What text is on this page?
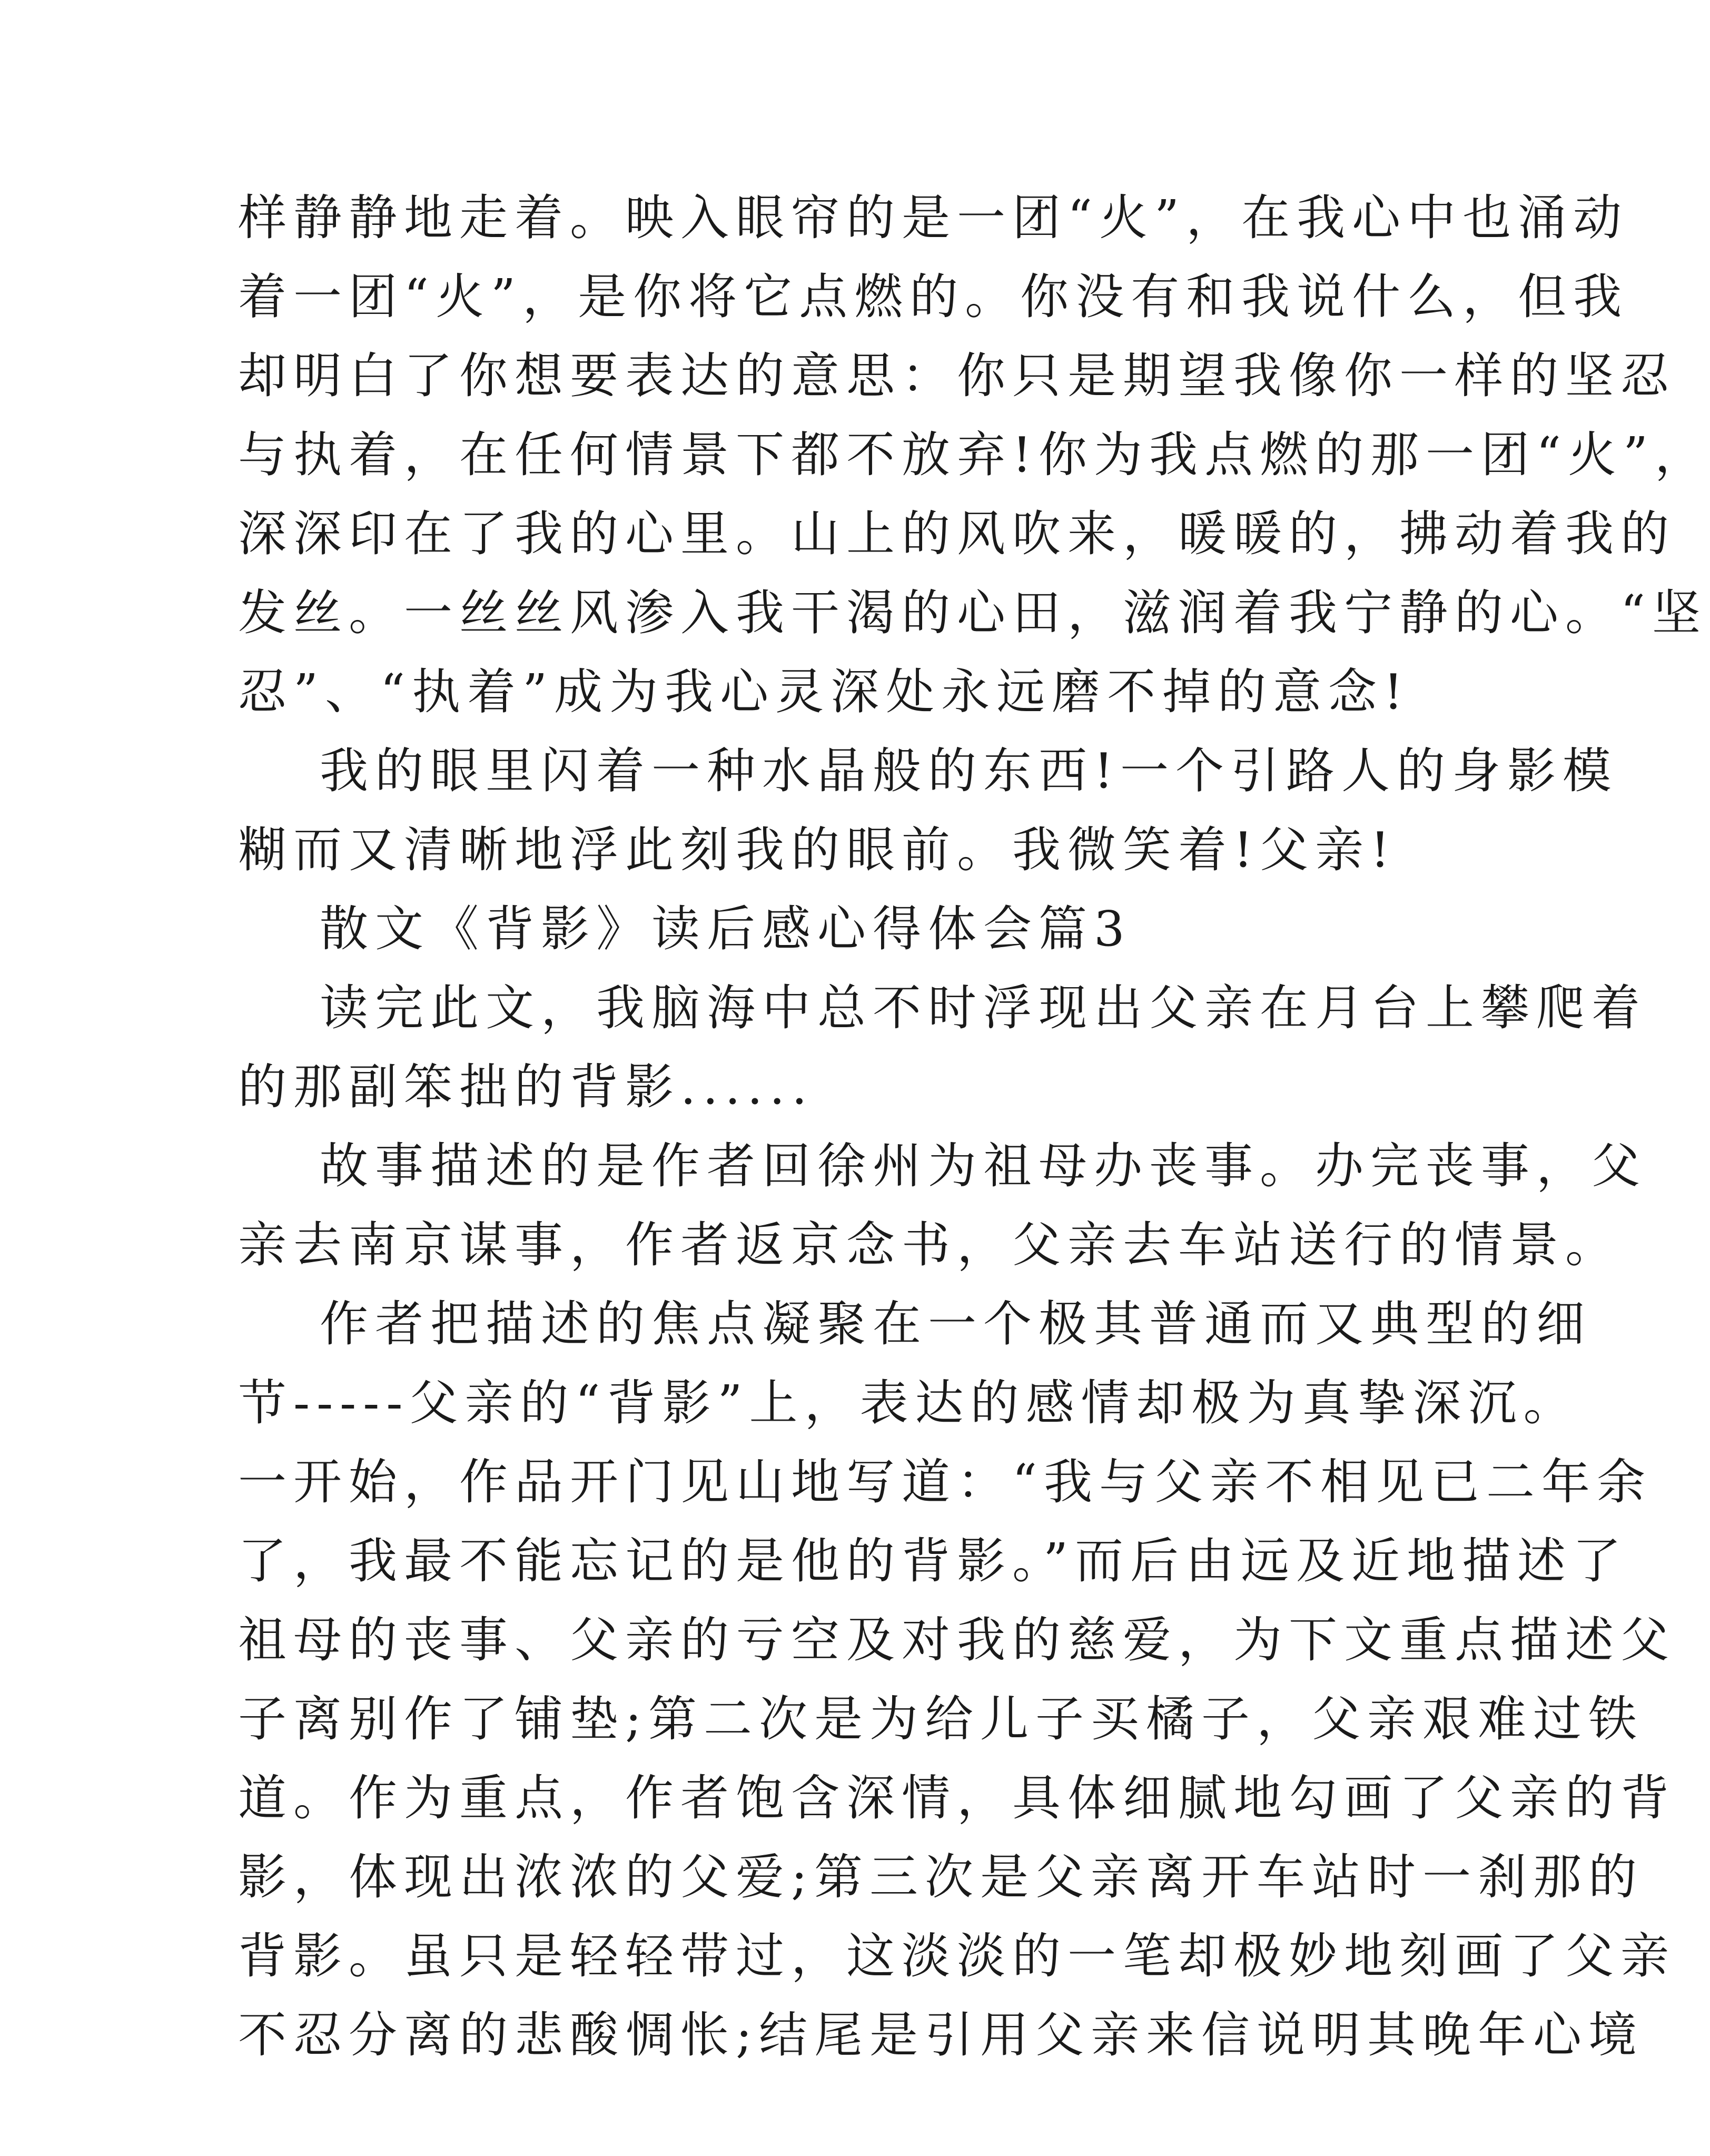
样静静地走着。映入眼帘的是一团“火”，在我心中也涌动
着一团“火”，是你将它点燃的。你没有和我说什么，但我
却明白了你想要表达的意思：你只是期望我像你一样的坚忍
与执着，在任何情景下都不放弃!你为我点燃的那一团“火”，
深深印在了我的心里。山上的风吹来，暖暖的，拂动着我的
发丝。一丝丝风渗入我干渴的心田，滋润着我宁静的心。“坚
忍”、“执着”成为我心灵深处永远磨不掉的意念!
我的眼里闪着一种水晶般的东西!一个引路人的身影模
糊而又清晰地浮此刻我的眼前。我微笑着!父亲!
散文《背影》读后感心得体会篇3
读完此文，我脑海中总不时浮现出父亲在月台上攀爬着
的那副笨拙的背影......
故事描述的是作者回徐州为祖母办丧事。办完丧事，父
亲去南京谋事，作者返京念书，父亲去车站送行的情景。
作者把描述的焦点凝聚在一个极其普通而又典型的细
节-----父亲的“背影”上，表达的感情却极为真挚深沉。
一开始，作品开门见山地写道：“我与父亲不相见已二年余
了，我最不能忘记的是他的背影。”而后由远及近地描述了
祖母的丧事、父亲的亏空及对我的慈爱，为下文重点描述父
子离别作了铺垫;第二次是为给儿子买橘子，父亲艰难过铁
道。作为重点，作者饱含深情，具体细腻地勾画了父亲的背
影，体现出浓浓的父爱;第三次是父亲离开车站时一刹那的
背影。虽只是轻轻带过，这淡淡的一笔却极妙地刻画了父亲
不忍分离的悲酸惆怅;结尾是引用父亲来信说明其晚年心境
